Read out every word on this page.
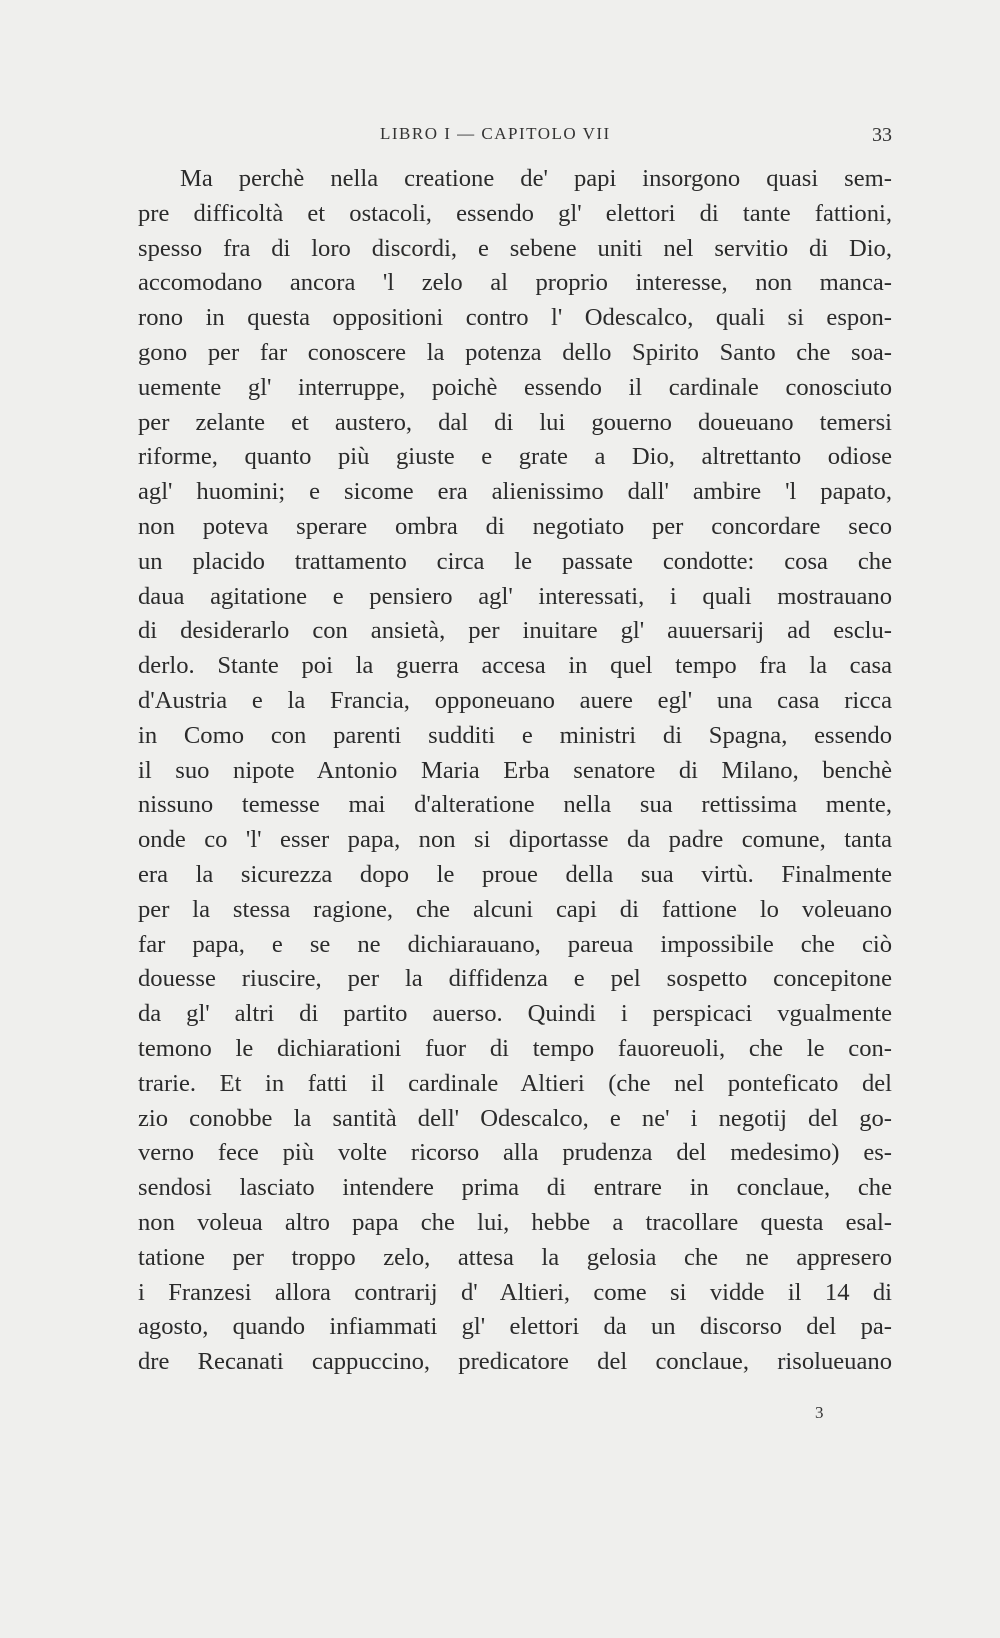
LIBRO I — CAPITOLO VII	33
Ma perchè nella creatione de' papi insorgono quasi sem-
pre difficoltà et ostacoli, essendo gl' elettori di tante fattioni,
spesso fra di loro discordi, e sebene uniti nel servitio di Dio,
accomodano ancora 'l zelo al proprio interesse, non manca-
rono in questa oppositioni contro l' Odescalco, quali si espon-
gono per far conoscere la potenza dello Spirito Santo che soa-
uemente gl' interruppe, poichè essendo il cardinale conosciuto
per zelante et austero, dal di lui gouerno doueuano temersi
riforme, quanto più giuste e grate a Dio, altrettanto odiose
agl' huomini; e sicome era alienissimo dall' ambire 'l papato,
non poteva sperare ombra di negotiato per concordare seco
un placido trattamento circa le passate condotte: cosa che
daua agitatione e pensiero agl' interessati, i quali mostrauano
di desiderarlo con ansietà, per inuitare gl' auuersarij ad esclu-
derlo. Stante poi la guerra accesa in quel tempo fra la casa
d'Austria e la Francia, opponeuano auere egl' una casa ricca
in Como con parenti sudditi e ministri di Spagna, essendo
il suo nipote Antonio Maria Erba senatore di Milano, benchè
nissuno temesse mai d'alteratione nella sua rettissima mente,
onde co 'l' esser papa, non si diportasse da padre comune, tanta
era la sicurezza dopo le proue della sua virtù. Finalmente
per la stessa ragione, che alcuni capi di fattione lo voleuano
far papa, e se ne dichiarauano, pareua impossibile che ciò
douesse riuscire, per la diffidenza e pel sospetto concepitone
da gl' altri di partito auerso. Quindi i perspicaci vgualmente
temono le dichiarationi fuor di tempo fauoreuoli, che le con-
trarie. Et in fatti il cardinale Altieri (che nel ponteficato del
zio conobbe la santità dell' Odescalco, e ne' i negotij del go-
verno fece più volte ricorso alla prudenza del medesimo) es-
sendosi lasciato intendere prima di entrare in conclaue, che
non voleua altro papa che lui, hebbe a tracollare questa esal-
tatione per troppo zelo, attesa la gelosia che ne appresero
i Franzesi allora contrarij d' Altieri, come si vidde il 14 di
agosto, quando infiammati gl' elettori da un discorso del pa-
dre Recanati cappuccino, predicatore del conclaue, risolueuano
3
